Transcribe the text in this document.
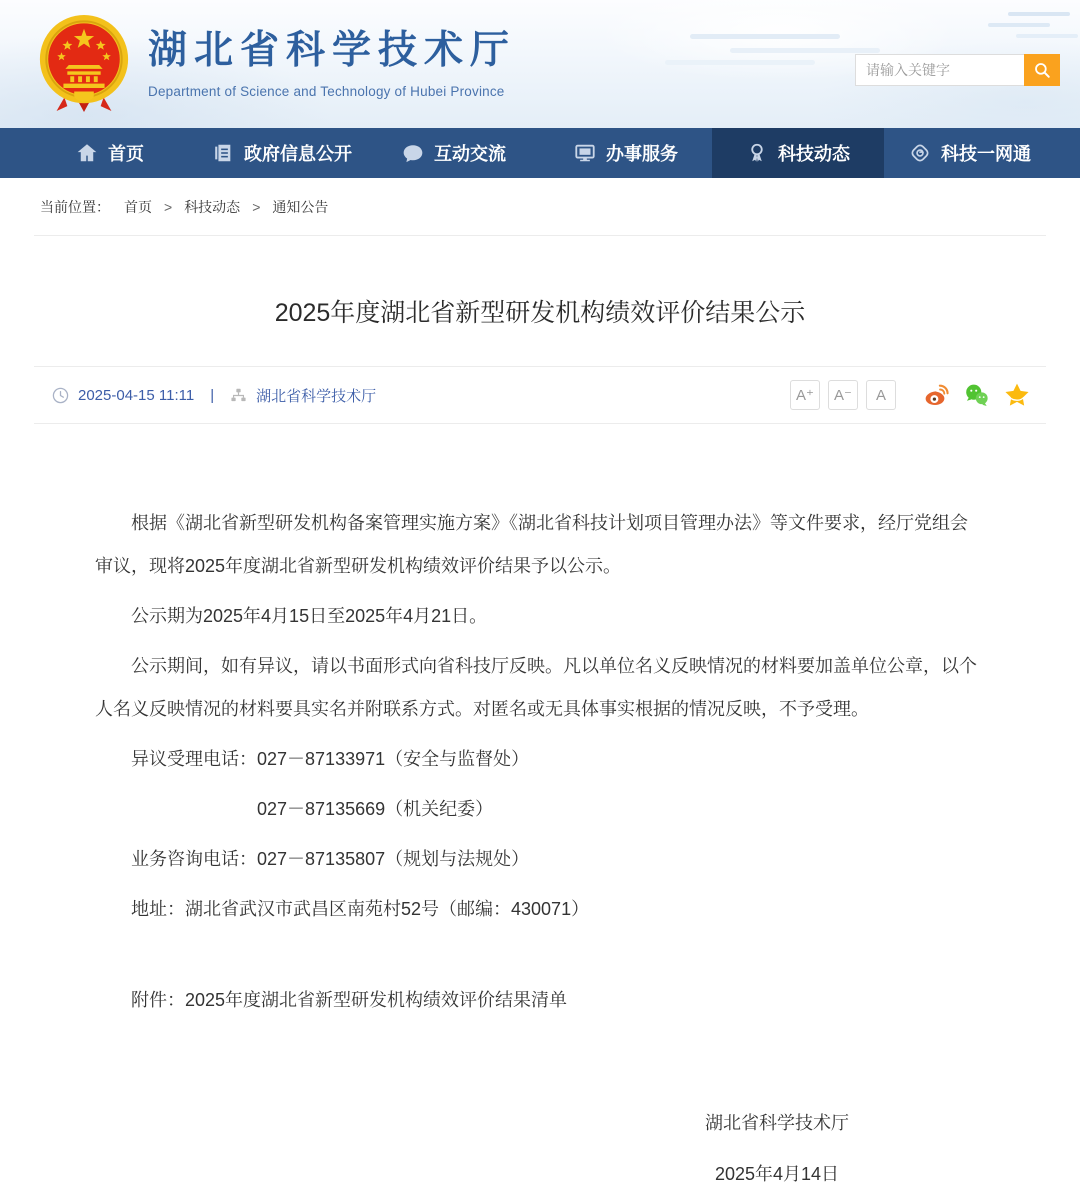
湖北省科学技术厅
Department of Science and Technology of Hubei Province
请输入关键字
首页	政府信息公开	互动交流	办事服务	科技动态	科技一网通
当前位置： 首页 > 科技动态 > 通知公告
2025年度湖北省新型研发机构绩效评价结果公示
2025-04-15 11:11 |	湖北省科学技术厅	A⁺	A⁻	A

根据《湖北省新型研发机构备案管理实施方案》《湖北省科技计划项目管理办法》等文件要求，经厅党组会审议，现将2025年度湖北省新型研发机构绩效评价结果予以公示。

公示期为2025年4月15日至2025年4月21日。

公示期间，如有异议，请以书面形式向省科技厅反映。凡以单位名义反映情况的材料要加盖单位公章，以个人名义反映情况的材料要具实名并附联系方式。对匿名或无具体事实根据的情况反映，不予受理。

异议受理电话：027－87133971（安全与监督处）

027－87135669（机关纪委）

业务咨询电话：027－87135807（规划与法规处）

地址：湖北省武汉市武昌区南苑村52号（邮编：430071）

附件：2025年度湖北省新型研发机构绩效评价结果清单

湖北省科学技术厅
2025年4月14日
